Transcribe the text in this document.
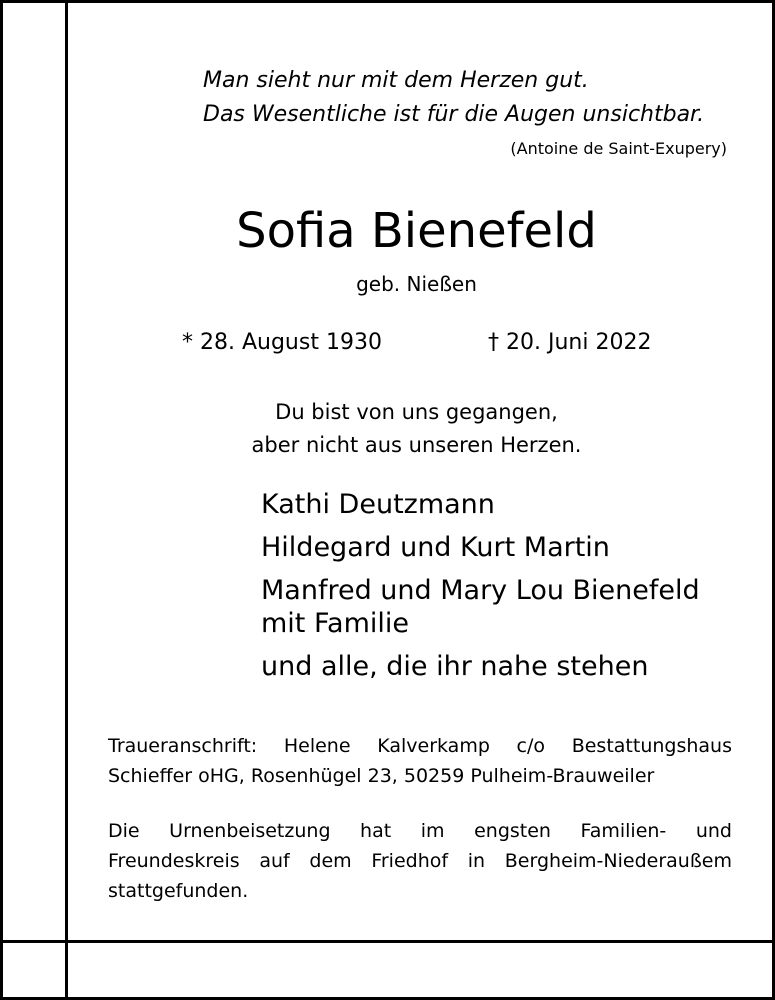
Man sieht nur mit dem Herzen gut.
Das Wesentliche ist für die Augen unsichtbar.
(Antoine de Saint-Exupery)
Sofia Bienefeld
geb. Nießen
* 28. August 1930	† 20. Juni 2022
Du bist von uns gegangen,
aber nicht aus unseren Herzen.
Kathi Deutzmann
Hildegard und Kurt Martin
Manfred und Mary Lou Bienefeld
mit Familie
und alle, die ihr nahe stehen
Traueranschrift: Helene Kalverkamp c/o Bestattungshaus
Schieffer oHG, Rosenhügel 23, 50259 Pulheim-Brauweiler
Die Urnenbeisetzung hat im engsten Familien- und
Freundeskreis auf dem Friedhof in Bergheim-Niederaußem
stattgefunden.
